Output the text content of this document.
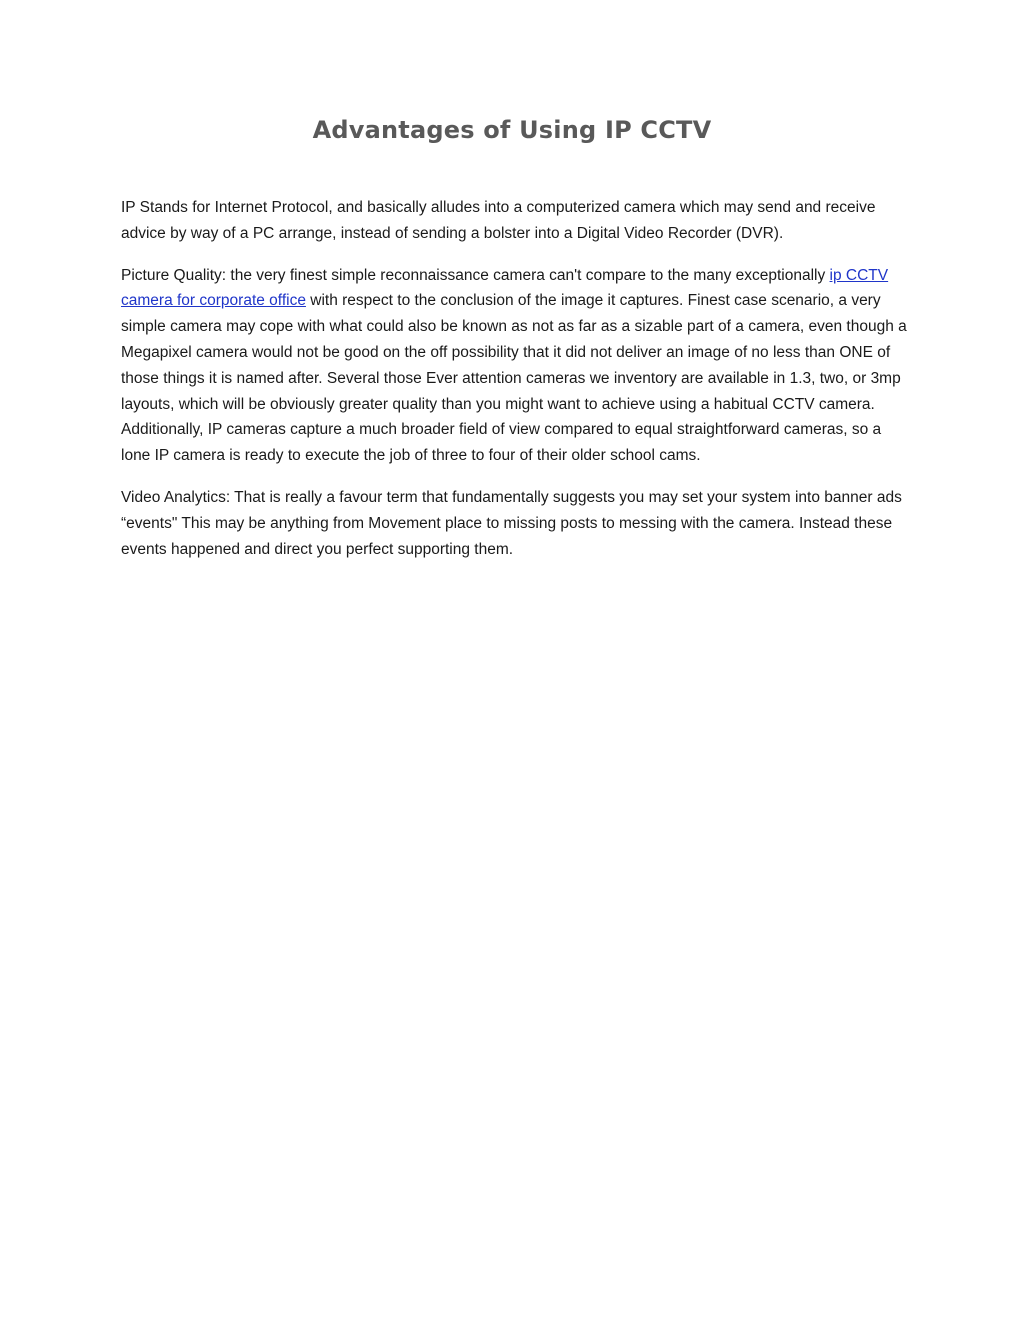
Advantages of Using IP CCTV

IP Stands for Internet Protocol, and basically alludes into a computerized camera which may send and receive advice by way of a PC arrange, instead of sending a bolster into a Digital Video Recorder (DVR).

Picture Quality: the very finest simple reconnaissance camera can't compare to the many exceptionally ip CCTV camera for corporate office with respect to the conclusion of the image it captures. Finest case scenario, a very simple camera may cope with what could also be known as not as far as a sizable part of a camera, even though a Megapixel camera would not be good on the off possibility that it did not deliver an image of no less than ONE of those things it is named after. Several those Ever attention cameras we inventory are available in 1.3, two, or 3mp layouts, which will be obviously greater quality than you might want to achieve using a habitual CCTV camera. Additionally, IP cameras capture a much broader field of view compared to equal straightforward cameras, so a lone IP camera is ready to execute the job of three to four of their older school cams.

Video Analytics: That is really a favour term that fundamentally suggests you may set your system into banner ads “events" This may be anything from Movement place to missing posts to messing with the camera. Instead these events happened and direct you perfect supporting them.
